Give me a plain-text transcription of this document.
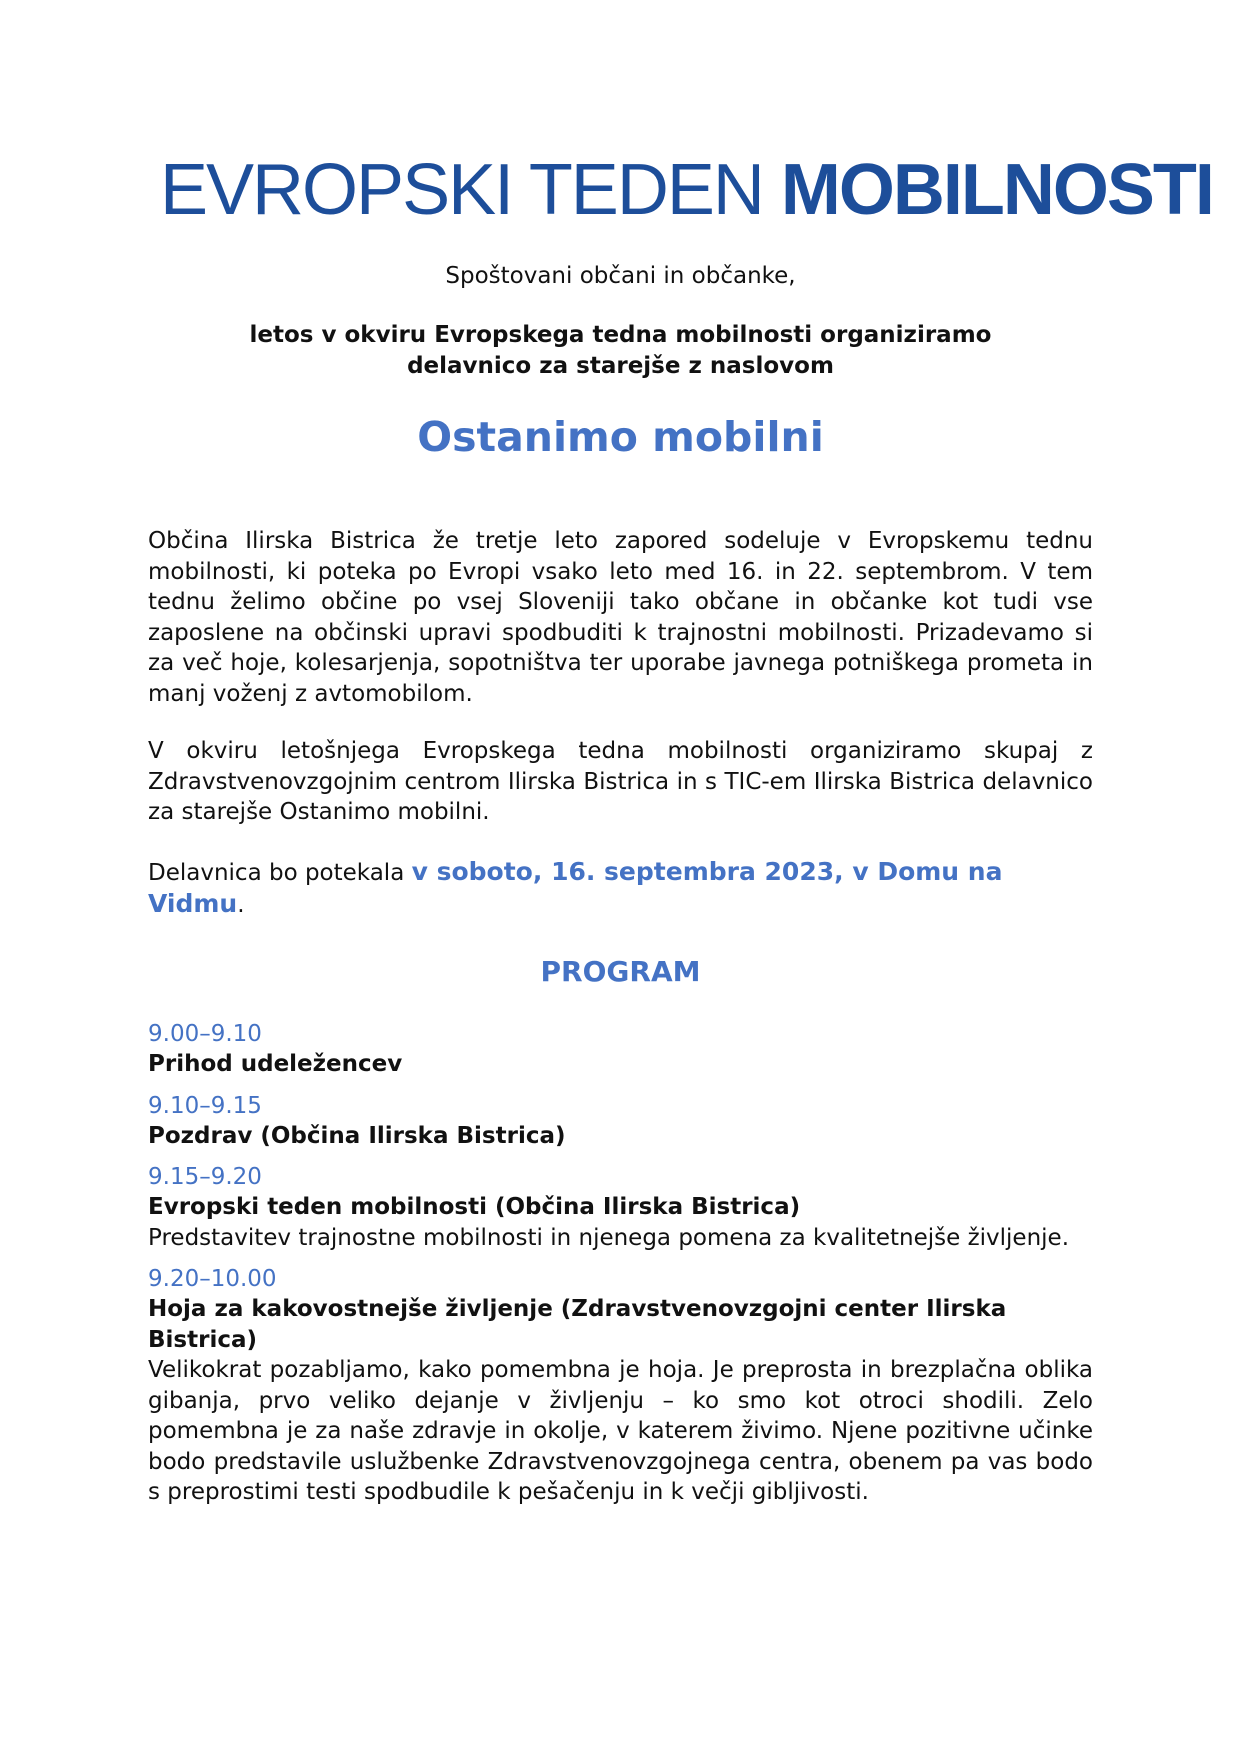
EVROPSKI TEDEN MOBILNOSTI
Spoštovani občani in občanke,
letos v okviru Evropskega tedna mobilnosti organiziramo
delavnico za starejše z naslovom
Ostanimo mobilni
Občina Ilirska Bistrica že tretje leto zapored sodeluje v Evropskemu tednu mobilnosti, ki poteka po Evropi vsako leto med 16. in 22. septembrom. V tem tednu želimo občine po vsej Sloveniji tako občane in občanke kot tudi vse zaposlene na občinski upravi spodbuditi k trajnostni mobilnosti. Prizadevamo si za več hoje, kolesarjenja, sopotništva ter uporabe javnega potniškega prometa in manj voženj z avtomobilom.
V okviru letošnjega Evropskega tedna mobilnosti organiziramo skupaj z Zdravstvenovzgojnim centrom Ilirska Bistrica in s TIC-em Ilirska Bistrica delavnico za starejše Ostanimo mobilni.
Delavnica bo potekala v soboto, 16. septembra 2023, v Domu na Vidmu.
PROGRAM
9.00–9.10
Prihod udeležencev
9.10–9.15
Pozdrav (Občina Ilirska Bistrica)
9.15–9.20
Evropski teden mobilnosti (Občina Ilirska Bistrica)
Predstavitev trajnostne mobilnosti in njenega pomena za kvalitetnejše življenje.
9.20–10.00
Hoja za kakovostnejše življenje (Zdravstvenovzgojni center Ilirska Bistrica)
Velikokrat pozabljamo, kako pomembna je hoja. Je preprosta in brezplačna oblika gibanja, prvo veliko dejanje v življenju – ko smo kot otroci shodili. Zelo pomembna je za naše zdravje in okolje, v katerem živimo. Njene pozitivne učinke bodo predstavile uslužbenke Zdravstvenovzgojnega centra, obenem pa vas bodo s preprostimi testi spodbudile k pešačenju in k večji gibljivosti.
